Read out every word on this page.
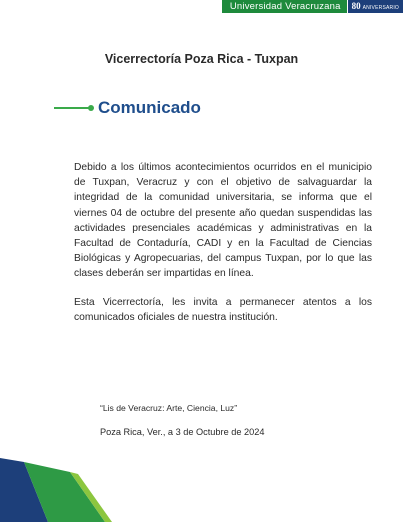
Universidad Veracruzana	80 ANIVERSARIO
Vicerrectoría Poza Rica - Tuxpan
Comunicado

Debido a los últimos acontecimientos ocurridos en el municipio de Tuxpan, Veracruz y con el objetivo de salvaguardar la integridad de la comunidad universitaria, se informa que el viernes 04 de octubre del presente año quedan suspendidas las actividades presenciales académicas y administrativas en la Facultad de Contaduría, CADI y en la Facultad de Ciencias Biológicas y Agropecuarias, del campus Tuxpan, por lo que las clases deberán ser impartidas en línea.

Esta Vicerrectoría, les invita a permanecer atentos a los comunicados oficiales de nuestra institución.

“Lis de Veracruz: Arte, Ciencia, Luz”
Poza Rica, Ver., a 3 de Octubre de 2024
